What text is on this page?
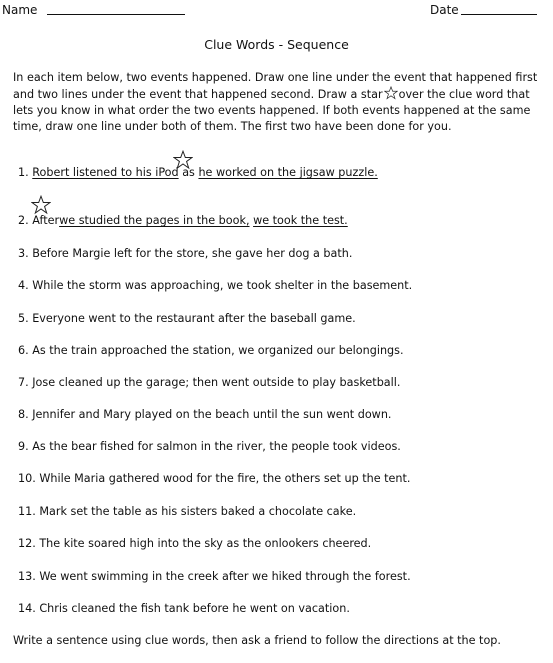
Name	Date
Clue Words - Sequence

In each item below, two events happened. Draw one line under the event that happened first and two lines under the event that happened second. Draw a star over the clue word that lets you know in what order the two events happened. If both events happened at the same time, draw one line under both of them. The first two have been done for you.

1. Robert listened to his iPod as he worked on the jigsaw puzzle.
2. Afterwe studied the pages in the book, we took the test.
3. Before Margie left for the store, she gave her dog a bath.
4. While the storm was approaching, we took shelter in the basement.
5. Everyone went to the restaurant after the baseball game.
6. As the train approached the station, we organized our belongings.
7. Jose cleaned up the garage; then went outside to play basketball.
8. Jennifer and Mary played on the beach until the sun went down.
9. As the bear fished for salmon in the river, the people took videos.
10. While Maria gathered wood for the fire, the others set up the tent.
11. Mark set the table as his sisters baked a chocolate cake.
12. The kite soared high into the sky as the onlookers cheered.
13. We went swimming in the creek after we hiked through the forest.
14. Chris cleaned the fish tank before he went on vacation.
Write a sentence using clue words, then ask a friend to follow the directions at the top.
